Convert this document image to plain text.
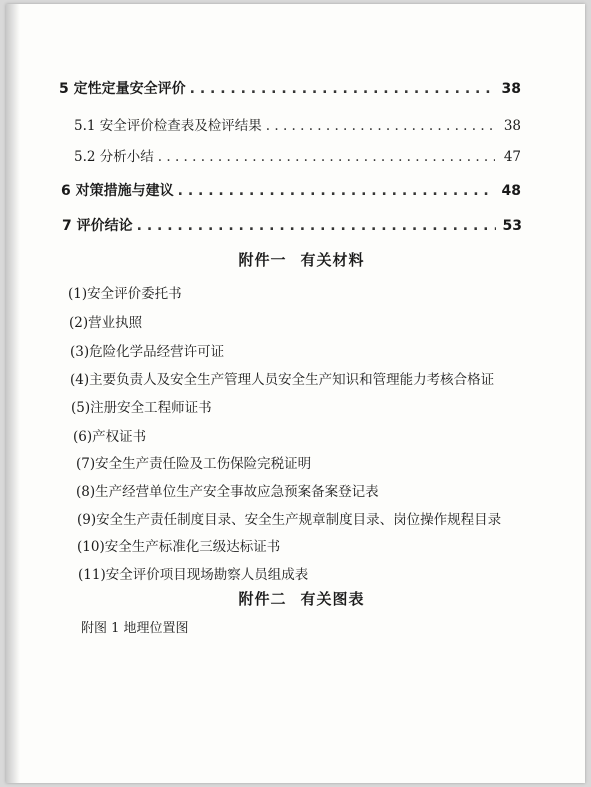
5 定性定量安全评价 . . .	38
5.1 安全评价检查表及检评结果 . . .	38
5.2 分析小结 . . .	47
6 对策措施与建议 . . .	48
7 评价结论 . . .	53
附件一 有关材料
(1)安全评价委托书
(2)营业执照
(3)危险化学品经营许可证
(4)主要负责人及安全生产管理人员安全生产知识和管理能力考核合格证
(5)注册安全工程师证书
(6)产权证书
(7)安全生产责任险及工伤保险完税证明
(8)生产经营单位生产安全事故应急预案备案登记表
(9)安全生产责任制度目录、安全生产规章制度目录、岗位操作规程目录
(10)安全生产标准化三级达标证书
(11)安全评价项目现场勘察人员组成表
附件二 有关图表
附图 1 地理位置图
